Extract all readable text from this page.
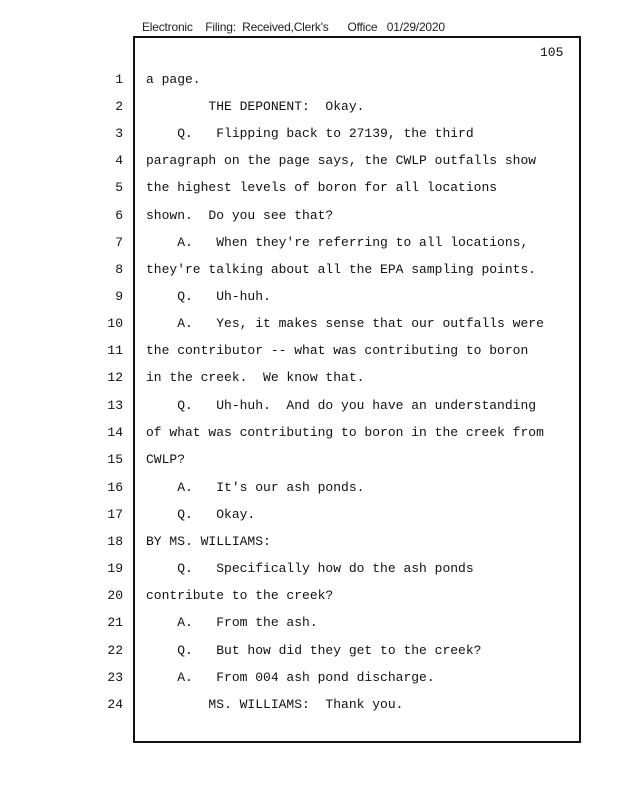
Electronic Filing: Received,Clerk's Office 01/29/2020
105
1 a page.
2 THE DEPONENT:  Okay.
3 Q.   Flipping back to 27139, the third
4 paragraph on the page says, the CWLP outfalls show
5 the highest levels of boron for all locations
6 shown.  Do you see that?
7 A.   When they're referring to all locations,
8 they're talking about all the EPA sampling points.
9 Q.   Uh-huh.
10 A.   Yes, it makes sense that our outfalls were
11 the contributor -- what was contributing to boron
12 in the creek.  We know that.
13 Q.   Uh-huh.  And do you have an understanding
14 of what was contributing to boron in the creek from
15 CWLP?
16 A.   It's our ash ponds.
17 Q.   Okay.
18 BY MS. WILLIAMS:
19 Q.   Specifically how do the ash ponds
20 contribute to the creek?
21 A.   From the ash.
22 Q.   But how did they get to the creek?
23 A.   From 004 ash pond discharge.
24 MS. WILLIAMS:  Thank you.
